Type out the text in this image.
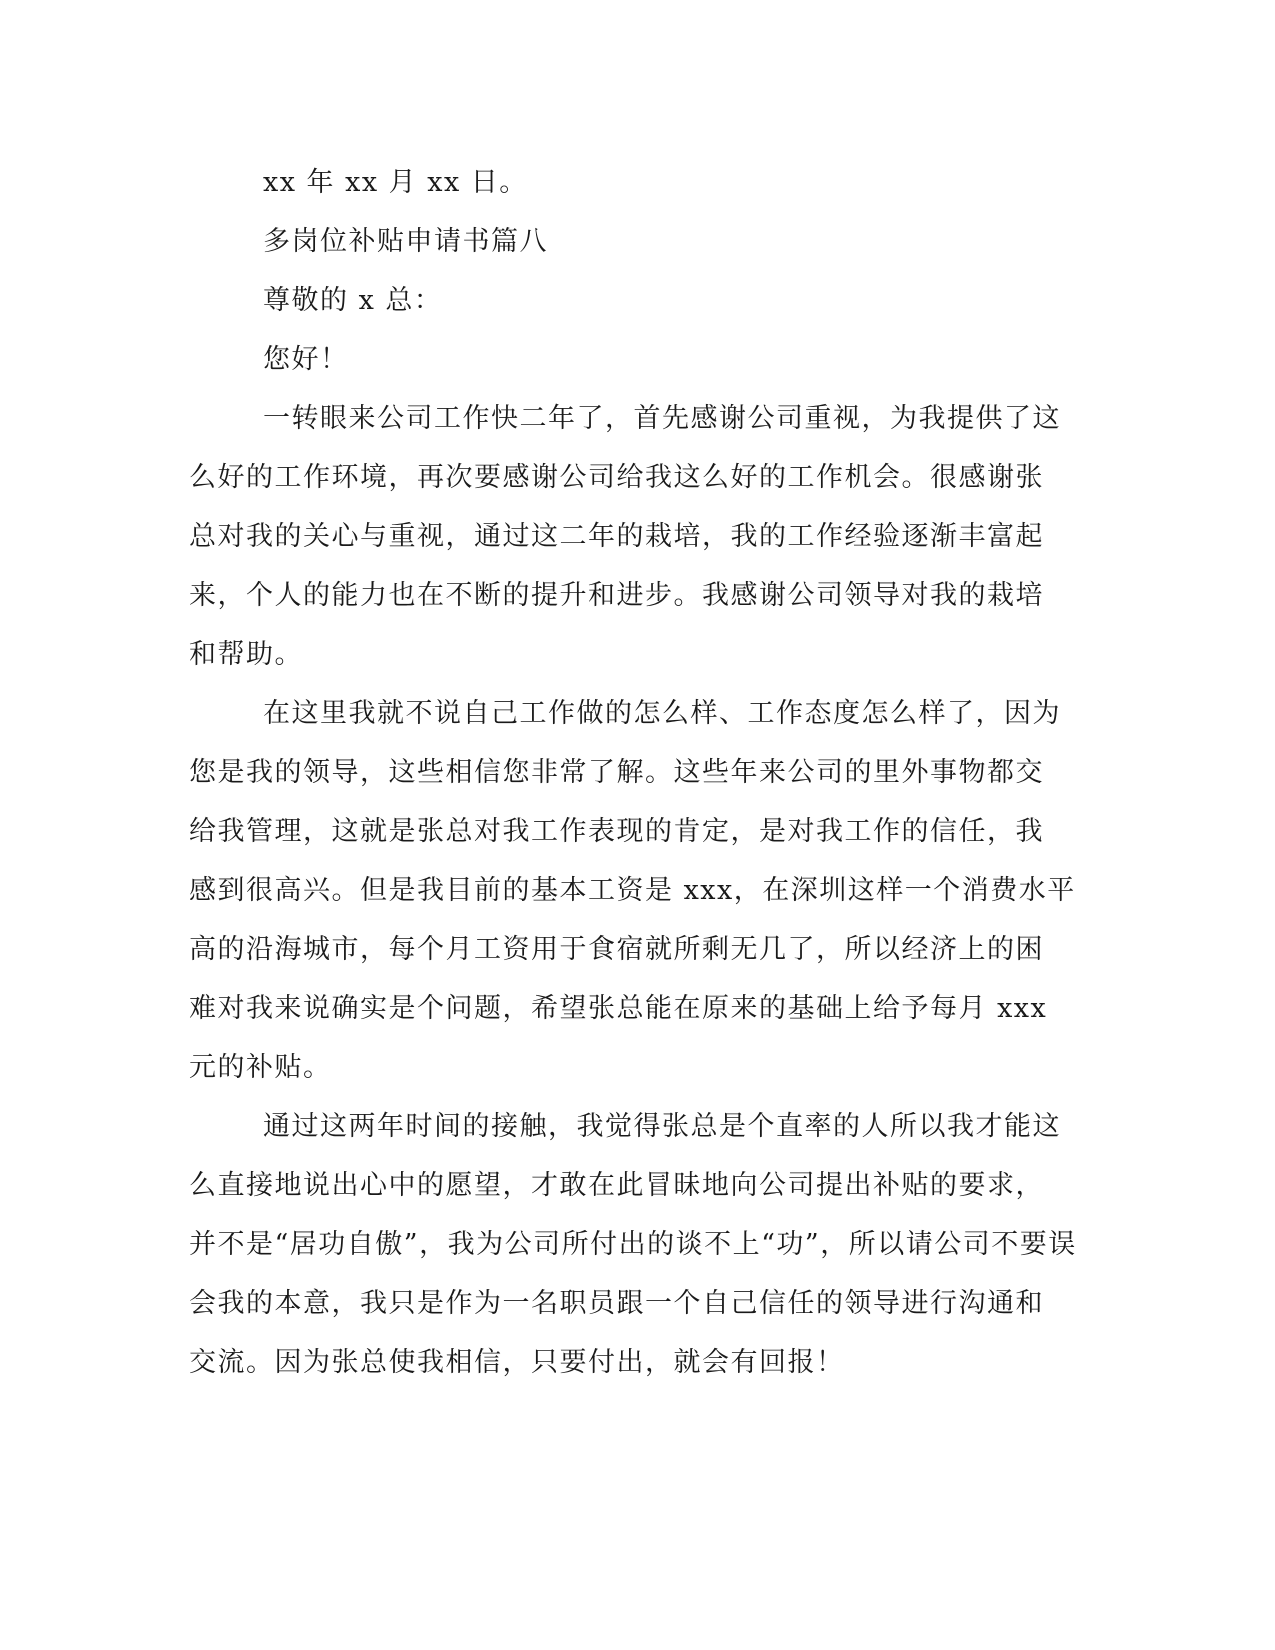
xx 年 xx 月 xx 日。
多岗位补贴申请书篇八
尊敬的 x 总：
您好！
一转眼来公司工作快二年了，首先感谢公司重视，为我提供了这
么好的工作环境，再次要感谢公司给我这么好的工作机会。很感谢张
总对我的关心与重视，通过这二年的栽培，我的工作经验逐渐丰富起
来，个人的能力也在不断的提升和进步。我感谢公司领导对我的栽培
和帮助。
在这里我就不说自己工作做的怎么样、工作态度怎么样了，因为
您是我的领导，这些相信您非常了解。这些年来公司的里外事物都交
给我管理，这就是张总对我工作表现的肯定，是对我工作的信任，我
感到很高兴。但是我目前的基本工资是 xxx，在深圳这样一个消费水平
高的沿海城市，每个月工资用于食宿就所剩无几了，所以经济上的困
难对我来说确实是个问题，希望张总能在原来的基础上给予每月 xxx
元的补贴。
通过这两年时间的接触，我觉得张总是个直率的人所以我才能这
么直接地说出心中的愿望，才敢在此冒昧地向公司提出补贴的要求，
并不是“居功自傲”，我为公司所付出的谈不上“功”，所以请公司不要误
会我的本意，我只是作为一名职员跟一个自己信任的领导进行沟通和
交流。因为张总使我相信，只要付出，就会有回报！
